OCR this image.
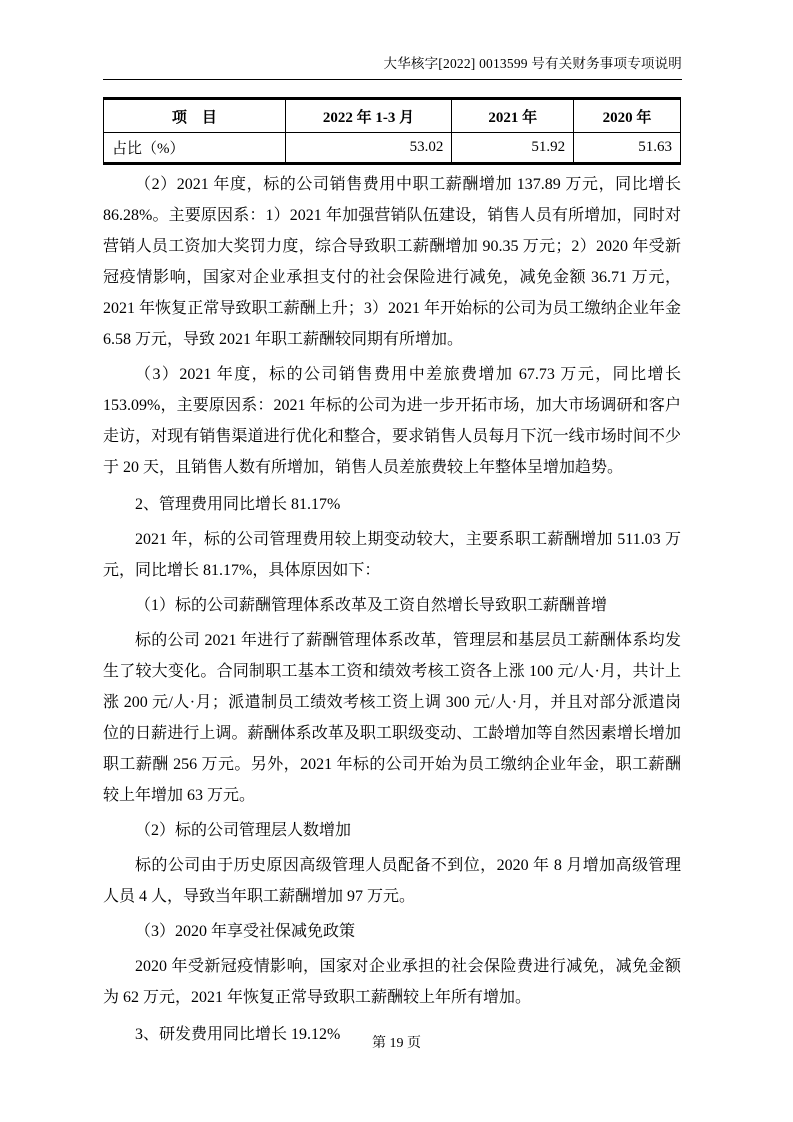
大华核字[2022] 0013599 号有关财务事项专项说明
项　目	2022 年 1-3 月	2021 年	2020 年
占比（%）	53.02	51.92	51.63

（2）2021 年度，标的公司销售费用中职工薪酬增加 137.89 万元，同比增长 86.28%。主要原因系：1）2021 年加强营销队伍建设，销售人员有所增加，同时对营销人员工资加大奖罚力度，综合导致职工薪酬增加 90.35 万元；2）2020 年受新冠疫情影响，国家对企业承担支付的社会保险进行减免，减免金额 36.71 万元，2021 年恢复正常导致职工薪酬上升；3）2021 年开始标的公司为员工缴纳企业年金 6.58 万元，导致 2021 年职工薪酬较同期有所增加。

（3）2021 年度，标的公司销售费用中差旅费增加 67.73 万元，同比增长 153.09%，主要原因系：2021 年标的公司为进一步开拓市场，加大市场调研和客户走访，对现有销售渠道进行优化和整合，要求销售人员每月下沉一线市场时间不少于 20 天，且销售人数有所增加，销售人员差旅费较上年整体呈增加趋势。

2、管理费用同比增长 81.17%

2021 年，标的公司管理费用较上期变动较大，主要系职工薪酬增加 511.03 万元，同比增长 81.17%，具体原因如下：

（1）标的公司薪酬管理体系改革及工资自然增长导致职工薪酬普增

标的公司 2021 年进行了薪酬管理体系改革，管理层和基层员工薪酬体系均发生了较大变化。合同制职工基本工资和绩效考核工资各上涨 100 元/人·月，共计上涨 200 元/人·月；派遣制员工绩效考核工资上调 300 元/人·月，并且对部分派遣岗位的日薪进行上调。薪酬体系改革及职工职级变动、工龄增加等自然因素增长增加职工薪酬 256 万元。另外，2021 年标的公司开始为员工缴纳企业年金，职工薪酬较上年增加 63 万元。

（2）标的公司管理层人数增加

标的公司由于历史原因高级管理人员配备不到位，2020 年 8 月增加高级管理人员 4 人，导致当年职工薪酬增加 97 万元。

（3）2020 年享受社保减免政策

2020 年受新冠疫情影响，国家对企业承担的社会保险费进行减免，减免金额为 62 万元，2021 年恢复正常导致职工薪酬较上年所有增加。

3、研发费用同比增长 19.12%

第 19 页
